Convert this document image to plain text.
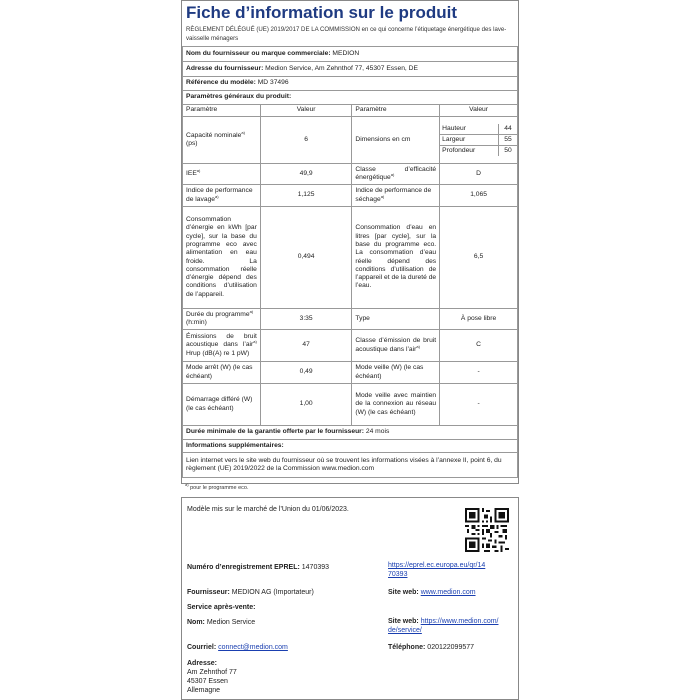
Fiche d’information sur le produit
RÈGLEMENT DÉLÉGUÉ (UE) 2019/2017 DE LA COMMISSION en ce qui concerne l’étiquetage énergétique des lave-vaisselle ménagers
Nom du fournisseur ou marque commerciale: MEDION
Adresse du fournisseur: Medion Service, Am Zehnthof 77, 45307 Essen, DE
Référence du modèle: MD 37496
Paramètres généraux du produit:
Paramètre	Valeur	Paramètre	Valeur
Capacité nominale$^{a)}$
(ps)	6	Dimensions en cm	
Hauteur	44
Largeur	55
Profondeur	50

IEE$^{a)}$	49,9	Classe d’efficacité énergétique$^{a)}$	D
Indice de performance de lavage$^{a)}$	1,125	Indice de performance de séchage$^{a)}$	1,065
Consommation d’énergie en kWh [par cycle], sur la base du programme eco avec alimentation en eau froide. La consommation réelle d’énergie dépend des conditions d’utilisation de l’appareil.	0,494	Consommation d’eau en litres [par cycle], sur la base du programme eco. La consommation d’eau réelle dépend des conditions d’utilisation de l’appareil et de la dureté de l’eau.	6,5
Durée du programme$^{a)}$
(h:min)	3:35	Type	À pose libre
Émissions de bruit acoustique dans l’air$^{a)}$ Hrup (dB(A) re 1 pW)	47	Classe d’émission de bruit acoustique dans l’air$^{a)}$	C
Mode arrêt (W) (le cas échéant)	0,49	Mode veille (W) (le cas échéant)	-
Démarrage différé (W) (le cas échéant)	1,00	Mode veille avec maintien de la connexion au réseau (W) (le cas échéant)	-
Durée minimale de la garantie offerte par le fournisseur: 24 mois
Informations supplémentaires:
Lien internet vers le site web du fournisseur où se trouvent les informations visées à l’annexe II, point 6, du règlement (UE) 2019/2022 de la Commission www.medion.com
$^{a)}$ pour le programme eco.
Modèle mis sur le marché de l’Union du 01/06/2023.
Numéro d’enregistrement EPREL: 1470393	https://eprel.ec.europa.eu/qr/14
70393
Fournisseur: MEDION AG (Importateur)	Site web: www.medion.com
Service après-vente:
Nom: Medion Service	Site web: https://www.medion.com/
de/service/
Courriel: connect@medion.com	Téléphone: 020122099577
Adresse:
Am Zehnthof 77
45307 Essen
Allemagne
